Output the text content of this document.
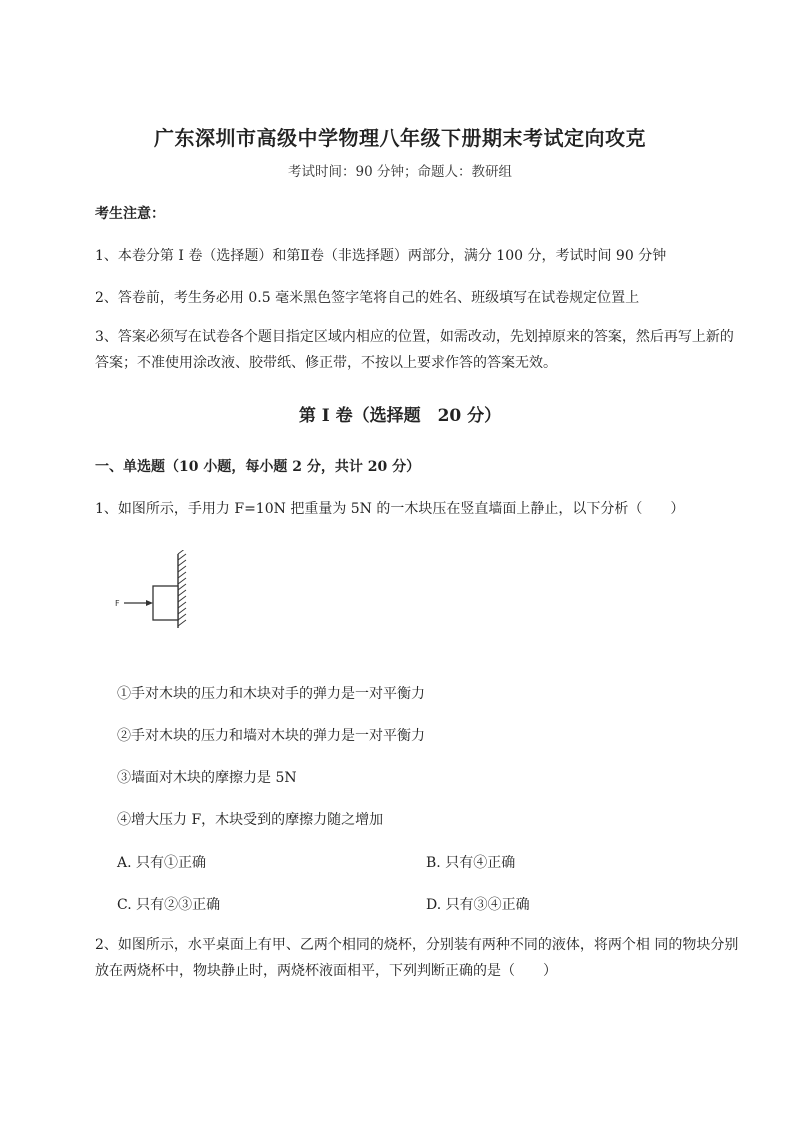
广东深圳市高级中学物理八年级下册期末考试定向攻克
考试时间：90 分钟；命题人：教研组
考生注意：
1、本卷分第 I 卷（选择题）和第Ⅱ卷（非选择题）两部分，满分 100 分，考试时间 90 分钟
2、答卷前，考生务必用 0.5 毫米黑色签字笔将自己的姓名、班级填写在试卷规定位置上
3、答案必须写在试卷各个题目指定区域内相应的位置，如需改动，先划掉原来的答案，然后再写上新的答案；不准使用涂改液、胶带纸、修正带，不按以上要求作答的答案无效。
第 I 卷（选择题　20 分）
一、单选题（10 小题，每小题 2 分，共计 20 分）
1、如图所示，手用力 F=10N 把重量为 5N 的一木块压在竖直墙面上静止，以下分析（　　）
F
①手对木块的压力和木块对手的弹力是一对平衡力
②手对木块的压力和墙对木块的弹力是一对平衡力
③墙面对木块的摩擦力是 5N
④增大压力 F，木块受到的摩擦力随之增加
A. 只有①正确	B. 只有④正确
C. 只有②③正确	D. 只有③④正确
2、如图所示，水平桌面上有甲、乙两个相同的烧杯，分别装有两种不同的液体，将两个相 同的物块分别放在两烧杯中，物块静止时，两烧杯液面相平，下列判断正确的是（　　）
